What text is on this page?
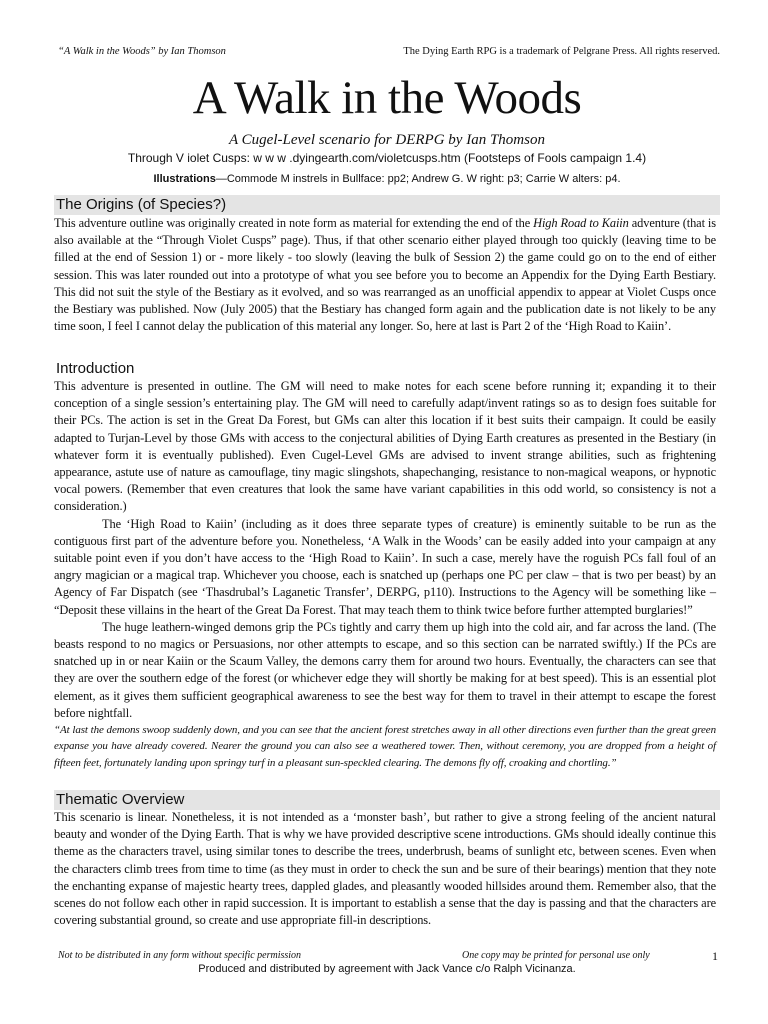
“A Walk in the Woods” by Ian Thomson	The Dying Earth RPG is a trademark of Pelgrane Press. All rights reserved.
A Walk in the Woods
A Cugel-Level scenario for DERPG by Ian Thomson
Through V iolet Cusps: w w w .dyingearth.com/violetcusps.htm (Footsteps of Fools campaign 1.4)
Illustrations—Commode M instrels in Bullface: pp2; Andrew G. W right: p3; Carrie W alters: p4.
The Origins (of Species?)

This adventure outline was originally created in note form as material for extending the end of the High Road to Kaiin adventure (that is also available at the “Through Violet Cusps” page). Thus, if that other scenario either played through too quickly (leaving time to be filled at the end of Session 1) or - more likely - too slowly (leaving the bulk of Session 2) the game could go on to the end of either session. This was later rounded out into a prototype of what you see before you to become an Appendix for the Dying Earth Bestiary. This did not suit the style of the Bestiary as it evolved, and so was rearranged as an unofficial appendix to appear at Violet Cusps once the Bestiary was published. Now (July 2005) that the Bestiary has changed form again and the publication date is not likely to be any time soon, I feel I cannot delay the publication of this material any longer. So, here at last is Part 2 of the ‘High Road to Kaiin’.

Introduction

This adventure is presented in outline. The GM will need to make notes for each scene before running it; expanding it to their conception of a single session’s entertaining play. The GM will need to carefully adapt/invent ratings so as to design foes suitable for their PCs. The action is set in the Great Da Forest, but GMs can alter this location if it best suits their campaign. It could be easily adapted to Turjan-Level by those GMs with access to the conjectural abilities of Dying Earth creatures as presented in the Bestiary (in whatever form it is eventually published). Even Cugel-Level GMs are advised to invent strange abilities, such as frightening appearance, astute use of nature as camouflage, tiny magic slingshots, shapechanging, resistance to non-magical weapons, or hypnotic vocal powers. (Remember that even creatures that look the same have variant capabilities in this odd world, so consistency is not a consideration.)

The ‘High Road to Kaiin’ (including as it does three separate types of creature) is eminently suitable to be run as the contiguous first part of the adventure before you. Nonetheless, ‘A Walk in the Woods’ can be easily added into your campaign at any suitable point even if you don’t have access to the ‘High Road to Kaiin’. In such a case, merely have the roguish PCs fall foul of an angry magician or a magical trap. Whichever you choose, each is snatched up (perhaps one PC per claw – that is two per beast) by an Agency of Far Dispatch (see ‘Thasdrubal’s Laganetic Transfer’, DERPG, p110). Instructions to the Agency will be something like – “Deposit these villains in the heart of the Great Da Forest. That may teach them to think twice before further attempted burglaries!”

The huge leathern-winged demons grip the PCs tightly and carry them up high into the cold air, and far across the land. (The beasts respond to no magics or Persuasions, nor other attempts to escape, and so this section can be narrated swiftly.) If the PCs are snatched up in or near Kaiin or the Scaum Valley, the demons carry them for around two hours. Eventually, the characters can see that they are over the southern edge of the forest (or whichever edge they will shortly be making for at best speed). This is an essential plot element, as it gives them sufficient geographical awareness to see the best way for them to travel in their attempt to escape the forest before nightfall.

“At last the demons swoop suddenly down, and you can see that the ancient forest stretches away in all other directions even further than the great green expanse you have already covered. Nearer the ground you can also see a weathered tower. Then, without ceremony, you are dropped from a height of fifteen feet, fortunately landing upon springy turf in a pleasant sun-speckled clearing. The demons fly off, croaking and chortling.”

Thematic Overview

This scenario is linear. Nonetheless, it is not intended as a ‘monster bash’, but rather to give a strong feeling of the ancient natural beauty and wonder of the Dying Earth. That is why we have provided descriptive scene introductions. GMs should ideally continue this theme as the characters travel, using similar tones to describe the trees, underbrush, beams of sunlight etc, between scenes. Even when the characters climb trees from time to time (as they must in order to check the sun and be sure of their bearings) mention that they note the enchanting expanse of majestic hearty trees, dappled glades, and pleasantly wooded hillsides around them. Remember also, that the scenes do not follow each other in rapid succession. It is important to establish a sense that the day is passing and that the characters are covering substantial ground, so create and use appropriate fill-in descriptions.

Not to be distributed in any form without specific permission	One copy may be printed for personal use only	1
Produced and distributed by agreement with Jack Vance c/o Ralph Vicinanza.
